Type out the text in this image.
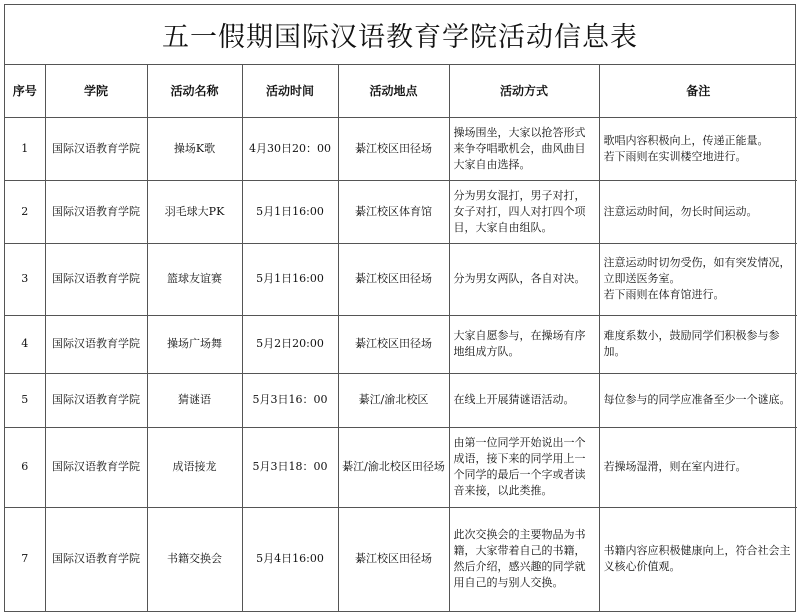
五一假期国际汉语教育学院活动信息表
序号	学院	活动名称	活动时间	活动地点	活动方式	备注
1	国际汉语教育学院	操场K歌	4月30日20：00	綦江校区田径场	操场围坐，大家以抢答形式来争夺唱歌机会，曲风曲目大家自由选择。	歌唱内容积极向上，传递正能量。
若下雨则在实训楼空地进行。

2	国际汉语教育学院	羽毛球大PK	5月1日16:00	綦江校区体育馆	分为男女混打，男子对打，女子对打，四人对打四个项目，大家自由组队。	注意运动时间，勿长时间运动。

3	国际汉语教育学院	篮球友谊赛	5月1日16:00	綦江校区田径场	分为男女两队，各自对决。	注意运动时切勿受伤，如有突发情况，立即送医务室。
若下雨则在体育馆进行。

4	国际汉语教育学院	操场广场舞	5月2日20:00	綦江校区田径场	大家自愿参与，在操场有序地组成方队。	难度系数小，鼓励同学们积极参与参加。

5	国际汉语教育学院	猜谜语	5月3日16：00	綦江/渝北校区	在线上开展猜谜语活动。	每位参与的同学应准备至少一个谜底。

6	国际汉语教育学院	成语接龙	5月3日18：00	綦江/渝北校区田径场	由第一位同学开始说出一个成语，接下来的同学用上一个同学的最后一个字或者读音来接，以此类推。	若操场湿滑，则在室内进行。

7	国际汉语教育学院	书籍交换会	5月4日16:00	綦江校区田径场	此次交换会的主要物品为书籍，大家带着自己的书籍，然后介绍，感兴趣的同学就用自己的与别人交换。	书籍内容应积极健康向上，符合社会主义核心价值观。
